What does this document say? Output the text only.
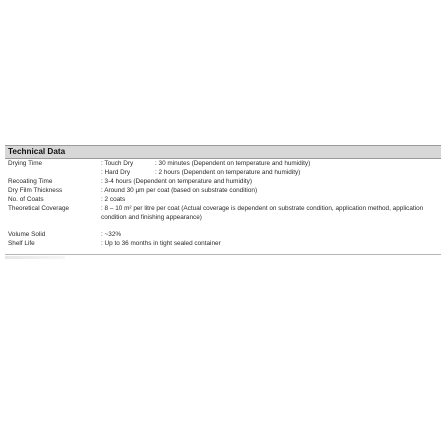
Technical Data
Drying Time	: Touch Dry	: 30 minutes (Dependent on temperature and humidity)
: Hard Dry	: 2 hours (Dependent on temperature and humidity)
Recoating Time	: 3-4 hours (Dependent on temperature and humidity)
Dry Film Thickness	: Around 30 µm per coat (based on substrate condition)
No. of Coats	: 2 coats
Theoretical Coverage	: 8 – 10 m² per litre per coat (Actual coverage is dependent on substrate condition, application method, application condition and finishing appearance)
Volume Solid	: ~32%
Shelf Life	: Up to 36 months in tight sealed container
